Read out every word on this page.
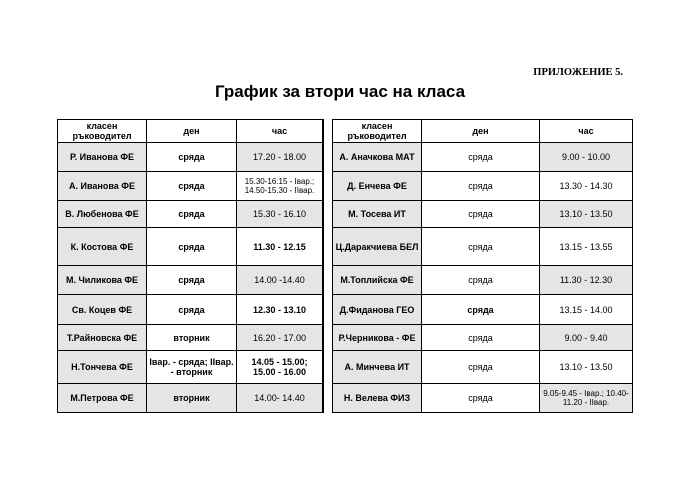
ПРИЛОЖЕНИЕ 5.
График за втори час на класа
класен ръководител	ден	час
Р. Иванова ФЕ	сряда	17.20 - 18.00
А. Иванова ФЕ	сряда	15.30-16.15 - Iвар.; 14.50-15.30 - IIвар.
В. Любенова ФЕ	сряда	15.30 - 16.10
К. Костова ФЕ	сряда	11.30 - 12.15
М. Чиликова ФЕ	сряда	14.00 -14.40
Св. Коцев ФЕ	сряда	12.30 - 13.10
Т.Райновска ФЕ	вторник	16.20 - 17.00
Н.Тончева ФЕ	Iвар. - сряда; IIвар. - вторник	14.05 - 15.00; 15.00 - 16.00
М.Петрова ФЕ	вторник	14.00- 14.40
класен ръководител	ден	час
А. Аначкова МАТ	сряда	9.00 - 10.00
Д. Енчева ФЕ	сряда	13.30 - 14.30
М. Тосева ИТ	сряда	13.10 - 13.50
Ц.Даракчиева БЕЛ	сряда	13.15 - 13.55
М.Топлийска ФЕ	сряда	11.30 - 12.30
Д.Фиданова ГЕО	сряда	13.15 - 14.00
Р.Черникова - ФЕ	сряда	9.00 - 9.40
А. Минчева ИТ	сряда	13.10 - 13.50
Н. Велева ФИЗ	сряда	9.05-9.45 - Iвар.; 10.40-11.20 - IIвар.
